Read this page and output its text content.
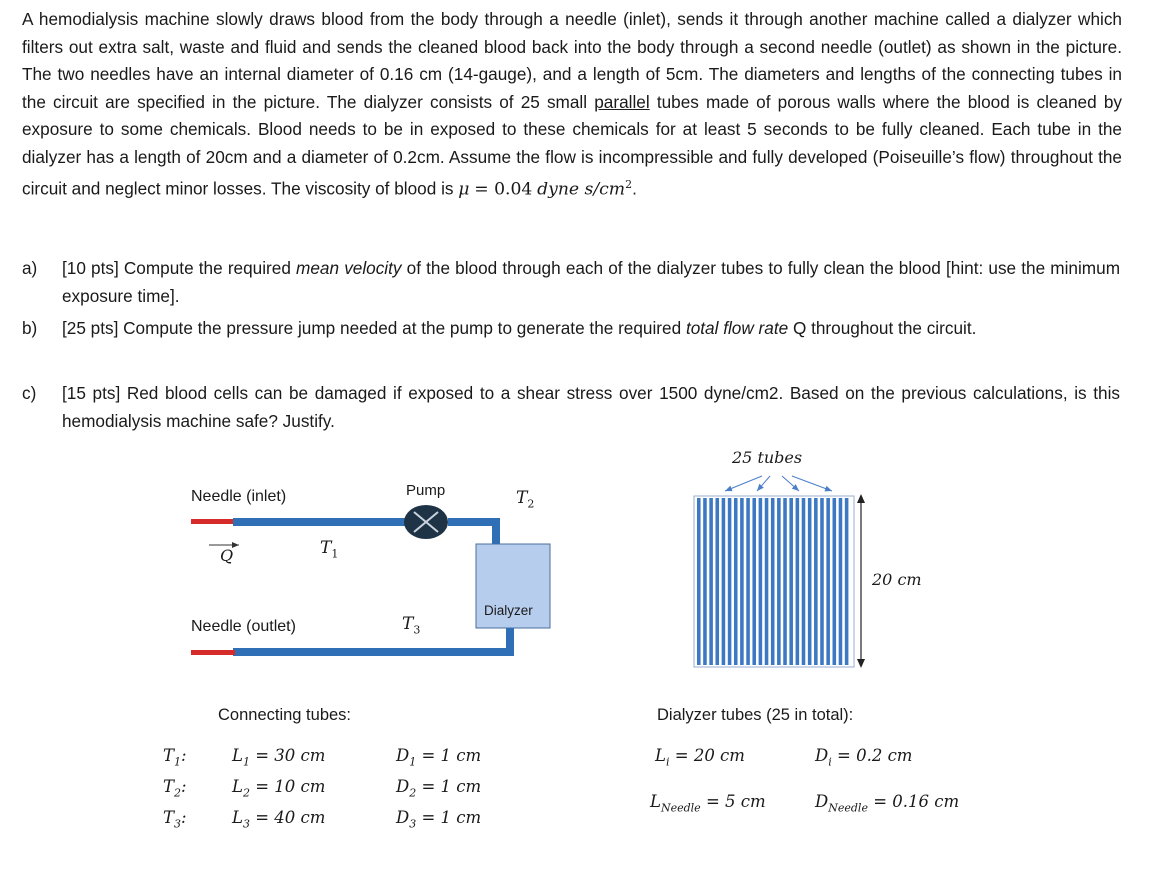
A hemodialysis machine slowly draws blood from the body through a needle (inlet), sends it through another machine called a dialyzer which filters out extra salt, waste and fluid and sends the cleaned blood back into the body through a second needle (outlet) as shown in the picture. The two needles have an internal diameter of 0.16 cm (14-gauge), and a length of 5cm. The diameters and lengths of the connecting tubes in the circuit are specified in the picture. The dialyzer consists of 25 small parallel tubes made of porous walls where the blood is cleaned by exposure to some chemicals. Blood needs to be in exposed to these chemicals for at least 5 seconds to be fully cleaned. Each tube in the dialyzer has a length of 20cm and a diameter of 0.2cm. Assume the flow is incompressible and fully developed (Poiseuille’s flow) throughout the circuit and neglect minor losses. The viscosity of blood is μ = 0.04 dyne $s/cm^2$.
a)	[10 pts] Compute the required mean velocity of the blood through each of the dialyzer tubes to fully clean the blood [hint: use the minimum exposure time].
b)	[25 pts] Compute the pressure jump needed at the pump to generate the required total flow rate Q throughout the circuit.
c)	[15 pts] Red blood cells can be damaged if exposed to a shear stress over 1500 dyne/cm2. Based on the previous calculations, is this hemodialysis machine safe? Justify.
Needle (inlet)	Pump	$T_2$
Q	$T_1$
Dialyzer
Needle (outlet)	$T_3$
25 tubes
20 cm
Connecting tubes:
$T_1$:	$L_1 = 30$ cm	$D_1 = 1$ cm
$T_2$:	$L_2 = 10$ cm	$D_2 = 1$ cm
$T_3$:	$L_3 = 40$ cm	$D_3 = 1$ cm
Dialyzer tubes (25 in total):
$L_i = 20$ cm	$D_i = 0.2$ cm
$L_{Needle} = 5$ cm	$D_{Needle} = 0.16$ cm
